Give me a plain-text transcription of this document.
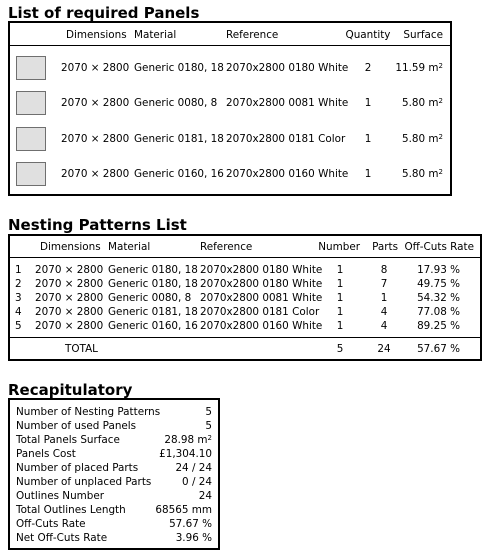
List of required Panels
Dimensions Material	Reference	Quantity	Surface
2070 × 2800 Generic 0180, 18 2070x2800 0180 White	2	11.59 $m^2$
2070 × 2800 Generic 0080, 8 2070x2800 0081 White	1	5.80 $m^2$
2070 × 2800 Generic 0181, 18 2070x2800 0181 Color	1	5.80 $m^2$
2070 × 2800 Generic 0160, 16 2070x2800 0160 White	1	5.80 $m^2$
Nesting Patterns List
Dimensions Material	Reference	Number	Parts Off-Cuts Rate
1 2070 × 2800 Generic 0180, 18 2070x2800 0180 White	1	8	17.93 %
2 2070 × 2800 Generic 0180, 18 2070x2800 0180 White	1	7	49.75 %
3 2070 × 2800 Generic 0080, 8 2070x2800 0081 White	1	1	54.32 %
4 2070 × 2800 Generic 0181, 18 2070x2800 0181 Color	1	4	77.08 %
5 2070 × 2800 Generic 0160, 16 2070x2800 0160 White	1	4	89.25 %
TOTAL	5	24	57.67 %
Recapitulatory
Number of Nesting Patterns	5
Number of used Panels	5
Total Panels Surface	28.98 $m^2$
Panels Cost	£1,304.10
Number of placed Parts	24 / 24
Number of unplaced Parts	0 / 24
Outlines Number	24
Total Outlines Length	68565 mm
Off-Cuts Rate	57.67 %
Net Off-Cuts Rate	3.96 %
